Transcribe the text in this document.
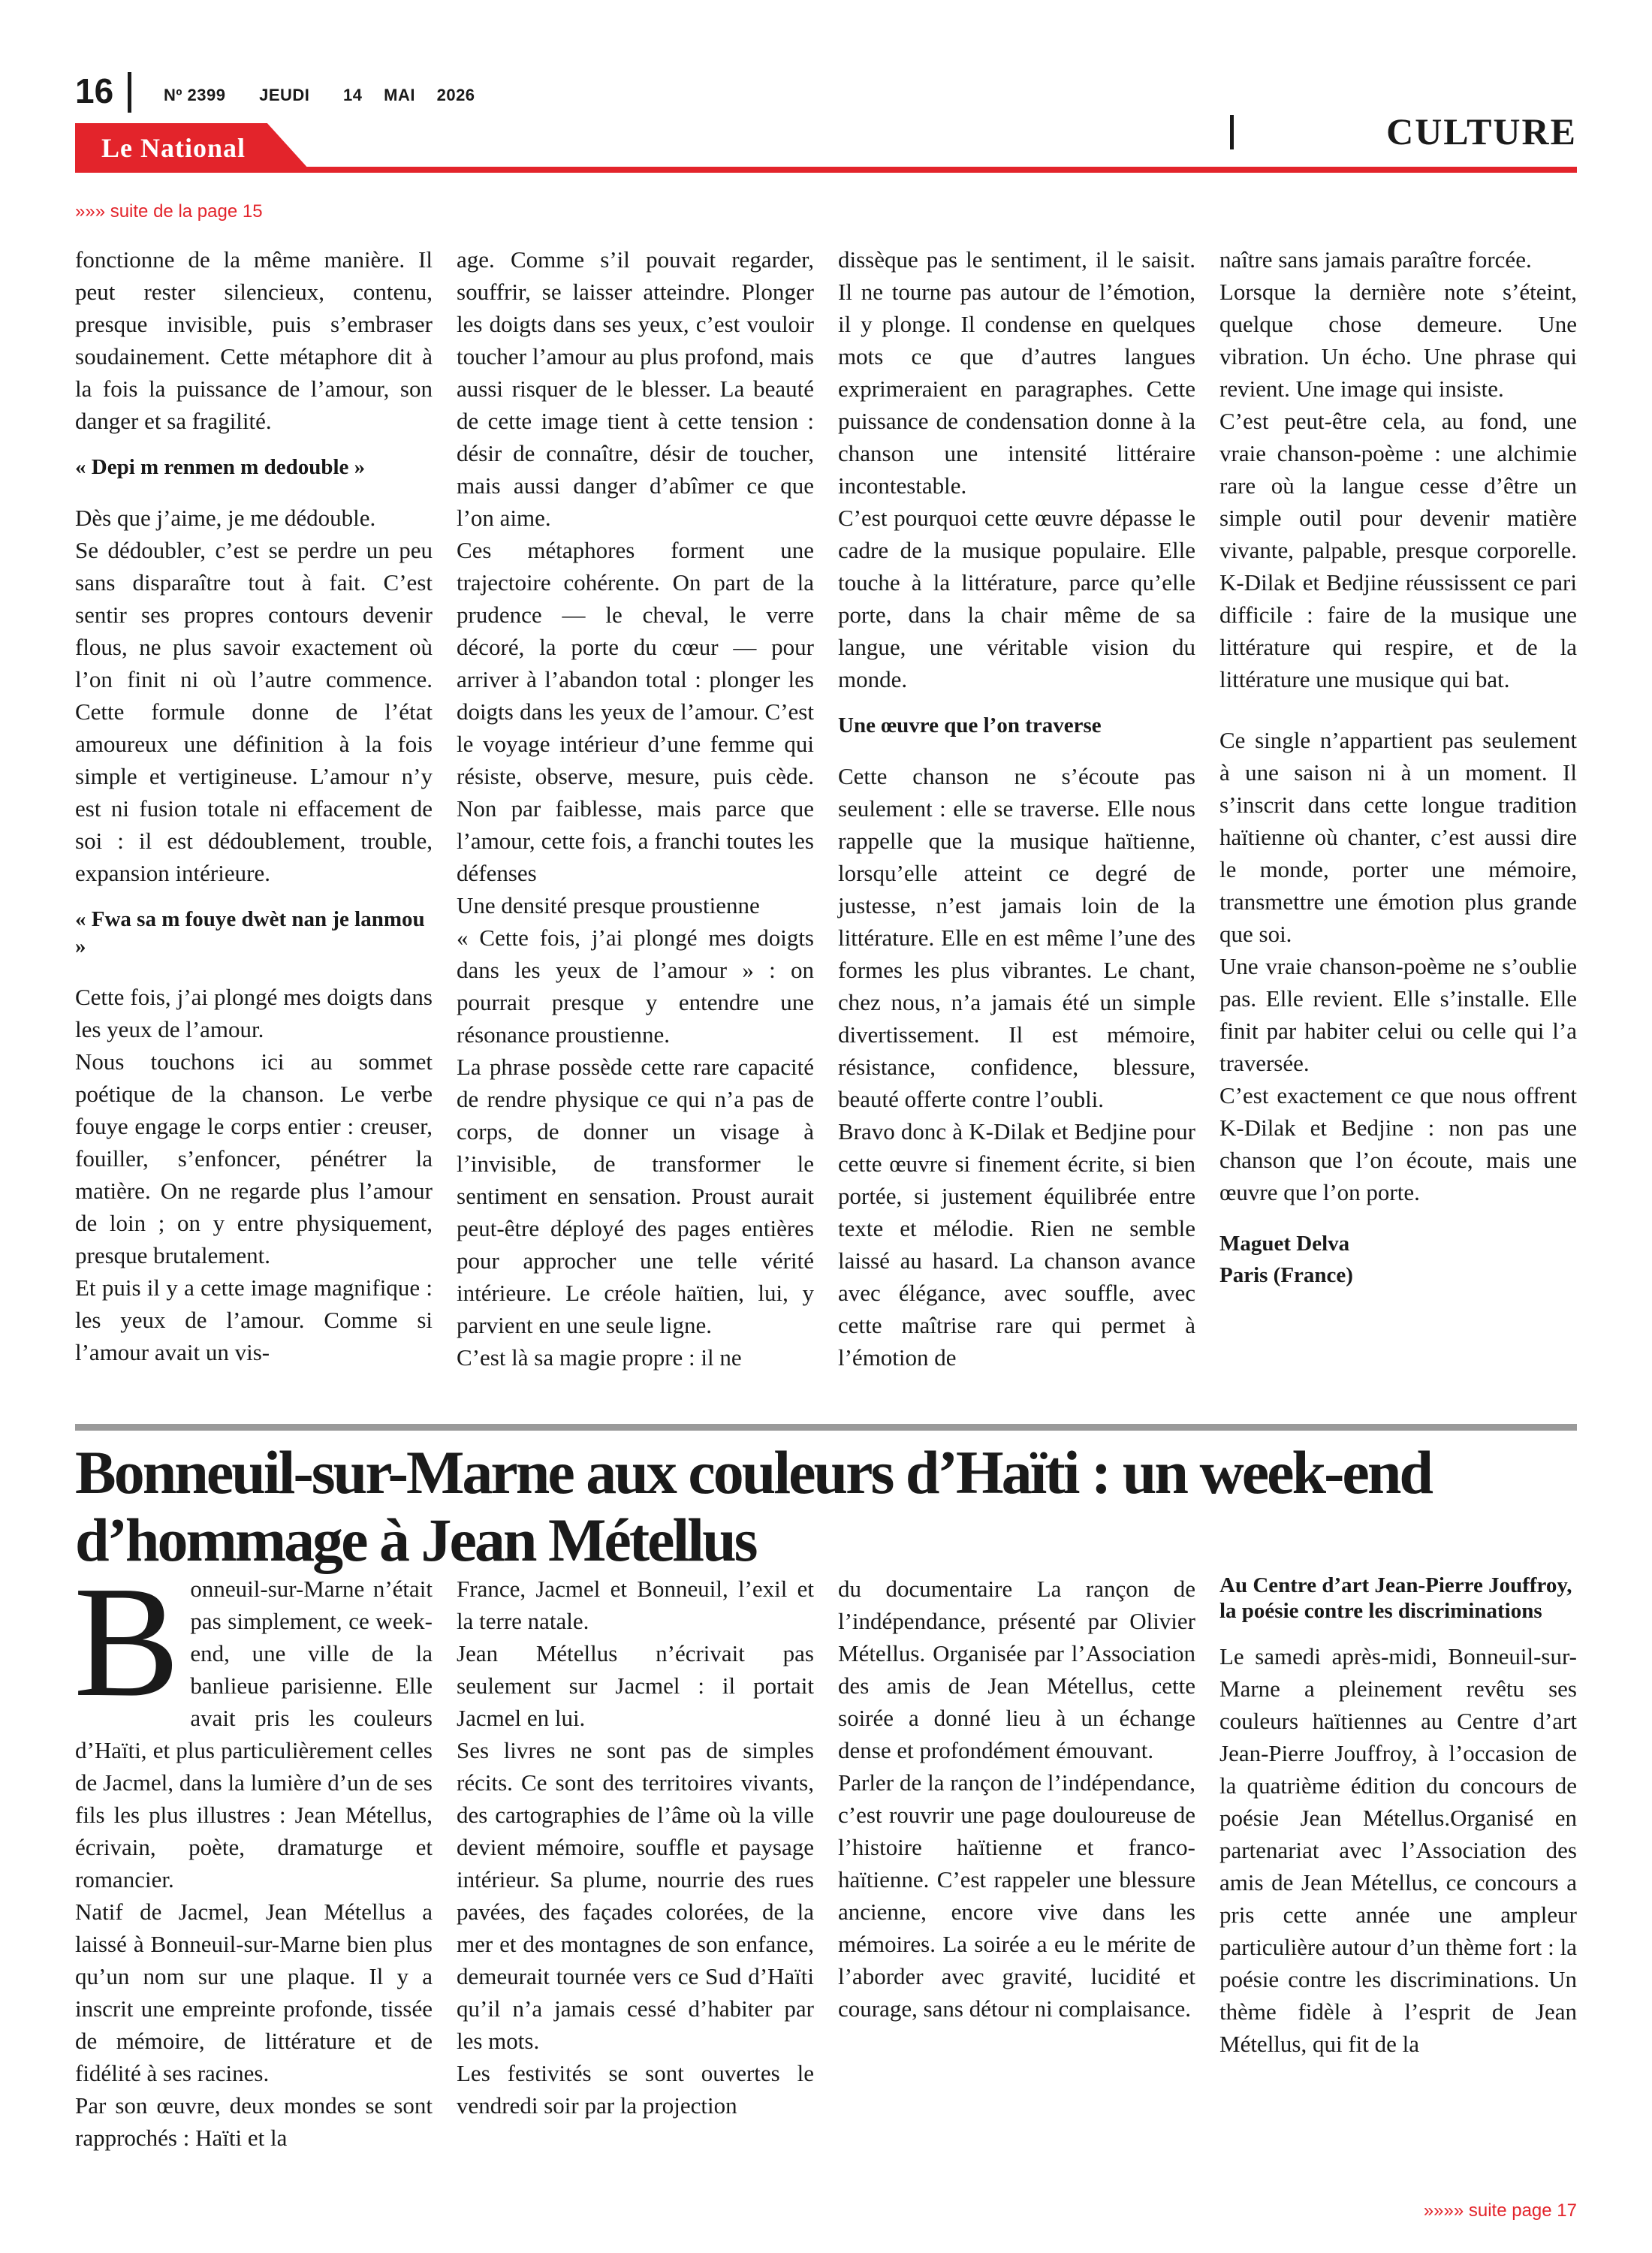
16	Nº 2399 JEUDI 14 MAI 2026
Le National	CULTURE
»»» suite de la page 15

fonctionne de la même manière. Il peut rester silencieux, contenu, presque invisible, puis s’embraser soudainement. Cette métaphore dit à la fois la puissance de l’amour, son danger et sa fragilité.

« Depi m renmen m dedouble »

Dès que j’aime, je me dédouble.

Se dédoubler, c’est se perdre un peu sans disparaître tout à fait. C’est sentir ses propres contours devenir flous, ne plus savoir exactement où l’on finit ni où l’autre commence. Cette formule donne de l’état amoureux une définition à la fois simple et vertigineuse. L’amour n’y est ni fusion totale ni effacement de soi : il est dédoublement, trouble, expansion intérieure.

« Fwa sa m fouye dwèt nan je lanmou »

Cette fois, j’ai plongé mes doigts dans les yeux de l’amour.

Nous touchons ici au sommet poétique de la chanson. Le verbe fouye engage le corps entier : creuser, fouiller, s’enfoncer, pénétrer la matière. On ne regarde plus l’amour de loin ; on y entre physiquement, presque brutalement.

Et puis il y a cette image magnifique : les yeux de l’amour. Comme si l’amour avait un vis-

age. Comme s’il pouvait regarder, souffrir, se laisser atteindre. Plonger les doigts dans ses yeux, c’est vouloir toucher l’amour au plus profond, mais aussi risquer de le blesser. La beauté de cette image tient à cette tension : désir de connaître, désir de toucher, mais aussi danger d’abîmer ce que l’on aime.

Ces métaphores forment une trajectoire cohérente. On part de la prudence — le cheval, le verre décoré, la porte du cœur — pour arriver à l’abandon total : plonger les doigts dans les yeux de l’amour. C’est le voyage intérieur d’une femme qui résiste, observe, mesure, puis cède. Non par faiblesse, mais parce que l’amour, cette fois, a franchi toutes les défenses

Une densité presque proustienne

« Cette fois, j’ai plongé mes doigts dans les yeux de l’amour » : on pourrait presque y entendre une résonance proustienne.

La phrase possède cette rare capacité de rendre physique ce qui n’a pas de corps, de donner un visage à l’invisible, de transformer le sentiment en sensation. Proust aurait peut-être déployé des pages entières pour approcher une telle vérité intérieure. Le créole haïtien, lui, y parvient en une seule ligne.

C’est là sa magie propre : il ne

dissèque pas le sentiment, il le saisit. Il ne tourne pas autour de l’émotion, il y plonge. Il condense en quelques mots ce que d’autres langues exprimeraient en paragraphes. Cette puissance de condensation donne à la chanson une intensité littéraire incontestable.

C’est pourquoi cette œuvre dépasse le cadre de la musique populaire. Elle touche à la littérature, parce qu’elle porte, dans la chair même de sa langue, une véritable vision du monde.

Une œuvre que l’on traverse

Cette chanson ne s’écoute pas seulement : elle se traverse. Elle nous rappelle que la musique haïtienne, lorsqu’elle atteint ce degré de justesse, n’est jamais loin de la littérature. Elle en est même l’une des formes les plus vibrantes. Le chant, chez nous, n’a jamais été un simple divertissement. Il est mémoire, résistance, confidence, blessure, beauté offerte contre l’oubli.

Bravo donc à K-Dilak et Bedjine pour cette œuvre si finement écrite, si bien portée, si justement équilibrée entre texte et mélodie. Rien ne semble laissé au hasard. La chanson avance avec élégance, avec souffle, avec cette maîtrise rare qui permet à l’émotion de

naître sans jamais paraître forcée.

Lorsque la dernière note s’éteint, quelque chose demeure. Une vibration. Un écho. Une phrase qui revient. Une image qui insiste.

C’est peut-être cela, au fond, une vraie chanson-poème : une alchimie rare où la langue cesse d’être un simple outil pour devenir matière vivante, palpable, presque corporelle. K-Dilak et Bedjine réussissent ce pari difficile : faire de la musique une littérature qui respire, et de la littérature une musique qui bat.

Ce single n’appartient pas seulement à une saison ni à un moment. Il s’inscrit dans cette longue tradition haïtienne où chanter, c’est aussi dire le monde, porter une mémoire, transmettre une émotion plus grande que soi.

Une vraie chanson-poème ne s’oublie pas. Elle revient. Elle s’installe. Elle finit par habiter celui ou celle qui l’a traversée.

C’est exactement ce que nous offrent K-Dilak et Bedjine : non pas une chanson que l’on écoute, mais une œuvre que l’on porte.

Maguet Delva

Paris (France)

Bonneuil-sur-Marne aux couleurs d’Haïti : un week-end d’hommage à Jean Métellus
B onneuil-sur-Marne n’était pas simplement, ce week-end, une ville de la banlieue parisienne. Elle avait pris les couleurs d’Haïti, et plus particulièrement celles de Jacmel, dans la lumière d’un de ses fils les plus illustres : Jean Métellus, écrivain, poète, dramaturge et romancier.

Natif de Jacmel, Jean Métellus a laissé à Bonneuil-sur-Marne bien plus qu’un nom sur une plaque. Il y a inscrit une empreinte profonde, tissée de mémoire, de littérature et de fidélité à ses racines.

Par son œuvre, deux mondes se sont rapprochés : Haïti et la

France, Jacmel et Bonneuil, l’exil et la terre natale.

Jean Métellus n’écrivait pas seulement sur Jacmel : il portait Jacmel en lui.

Ses livres ne sont pas de simples récits. Ce sont des territoires vivants, des cartographies de l’âme où la ville devient mémoire, souffle et paysage intérieur. Sa plume, nourrie des rues pavées, des façades colorées, de la mer et des montagnes de son enfance, demeurait tournée vers ce Sud d’Haïti qu’il n’a jamais cessé d’habiter par les mots.

Les festivités se sont ouvertes le vendredi soir par la projection

du documentaire La rançon de l’indépendance, présenté par Olivier Métellus. Organisée par l’Association des amis de Jean Métellus, cette soirée a donné lieu à un échange dense et profondément émouvant.

Parler de la rançon de l’indépendance, c’est rouvrir une page douloureuse de l’histoire haïtienne et franco-haïtienne. C’est rappeler une blessure ancienne, encore vive dans les mémoires. La soirée a eu le mérite de l’aborder avec gravité, lucidité et courage, sans détour ni complaisance.

Au Centre d’art Jean-Pierre Jouffroy, la poésie contre les discriminations

Le samedi après-midi, Bonneuil-sur-Marne a pleinement revêtu ses couleurs haïtiennes au Centre d’art Jean-Pierre Jouffroy, à l’occasion de la quatrième édition du concours de poésie Jean Métellus.Organisé en partenariat avec l’Association des amis de Jean Métellus, ce concours a pris cette année une ampleur particulière autour d’un thème fort : la poésie contre les discriminations. Un thème fidèle à l’esprit de Jean Métellus, qui fit de la

»»»» suite page 17
